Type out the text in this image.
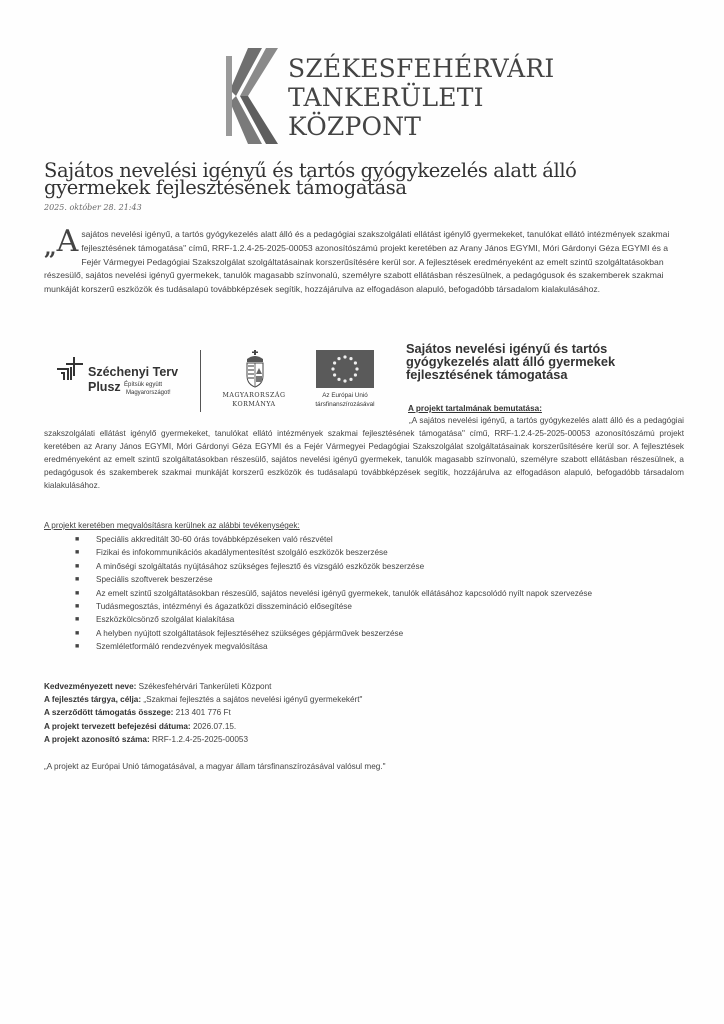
SZÉKESFEHÉRVÁRI
TANKERÜLETI
KÖZPONT
Sajátos nevelési igényű és tartós gyógykezelés alatt álló gyermekek fejlesztésének támogatása
2025. október 28. 21:43
„A sajátos nevelési igényű, a tartós gyógykezelés alatt álló és a pedagógiai szakszolgálati ellátást igénylő gyermekeket, tanulókat ellátó intézmények szakmai fejlesztésének támogatása" című, RRF-1.2.4-25-2025-00053 azonosítószámú projekt keretében az Arany János EGYMI, Móri Gárdonyi Géza EGYMI és a Fejér Vármegyei Pedagógiai Szakszolgálat szolgáltatásainak korszerűsítésére kerül sor. A fejlesztések eredményeként az emelt szintű szolgáltatásokban részesülő, sajátos nevelési igényű gyermekek, tanulók magasabb színvonalú, személyre szabott ellátásban részesülnek, a pedagógusok és szakemberek szakmai munkáját korszerű eszközök és tudásalapú továbbképzések segítik, hozzájárulva az elfogadáson alapuló, befogadóbb társadalom kialakulásához.
Széchenyi Terv
Plusz Építsük együtt
Magyarországot!	MAGYARORSZÁG
KORMÁNYA
Az Európai Unió
társfinanszírozásával
Sajátos nevelési igényű és tartós gyógykezelés alatt álló gyermekek fejlesztésének támogatása
A projekt tartalmának bemutatása:
„A sajátos nevelési igényű, a tartós gyógykezelés alatt álló és a pedagógiai szakszolgálati ellátást igénylő gyermekeket, tanulókat ellátó intézmények szakmai fejlesztésének támogatása" című, RRF-1.2.4-25-2025-00053 azonosítószámú projekt keretében az Arany János EGYMI, Móri Gárdonyi Géza EGYMI és a Fejér Vármegyei Pedagógiai Szakszolgálat szolgáltatásainak korszerűsítésére kerül sor. A fejlesztések eredményeként az emelt szintű szolgáltatásokban részesülő, sajátos nevelési igényű gyermekek, tanulók magasabb színvonalú, személyre szabott ellátásban részesülnek, a pedagógusok és szakemberek szakmai munkáját korszerű eszközök és tudásalapú továbbképzések segítik, hozzájárulva az elfogadáson alapuló, befogadóbb társadalom kialakulásához.
A projekt keretében megvalósításra kerülnek az alábbi tevékenységek:
■ Speciális akkreditált 30-60 órás továbbképzéseken való részvétel
■ Fizikai és infokommunikációs akadálymentesítést szolgáló eszközök beszerzése
■ A minőségi szolgáltatás nyújtásához szükséges fejlesztő és vizsgáló eszközök beszerzése
■ Speciális szoftverek beszerzése
■ Az emelt szintű szolgáltatásokban részesülő, sajátos nevelési igényű gyermekek, tanulók ellátásához kapcsolódó nyílt napok szervezése
■ Tudásmegosztás, intézményi és ágazatközi disszemináció elősegítése
■ Eszközkölcsönző szolgálat kialakítása
■ A helyben nyújtott szolgáltatások fejlesztéséhez szükséges gépjárművek beszerzése
■ Szemléletformáló rendezvények megvalósítása
Kedvezményezett neve: Székesfehérvári Tankerületi Központ
A fejlesztés tárgya, célja: „Szakmai fejlesztés a sajátos nevelési igényű gyermekekért"
A szerződött támogatás összege: 213 401 776 Ft
A projekt tervezett befejezési dátuma: 2026.07.15.
A projekt azonosító száma: RRF-1.2.4-25-2025-00053
„A projekt az Európai Unió támogatásával, a magyar állam társfinanszírozásával valósul meg."
